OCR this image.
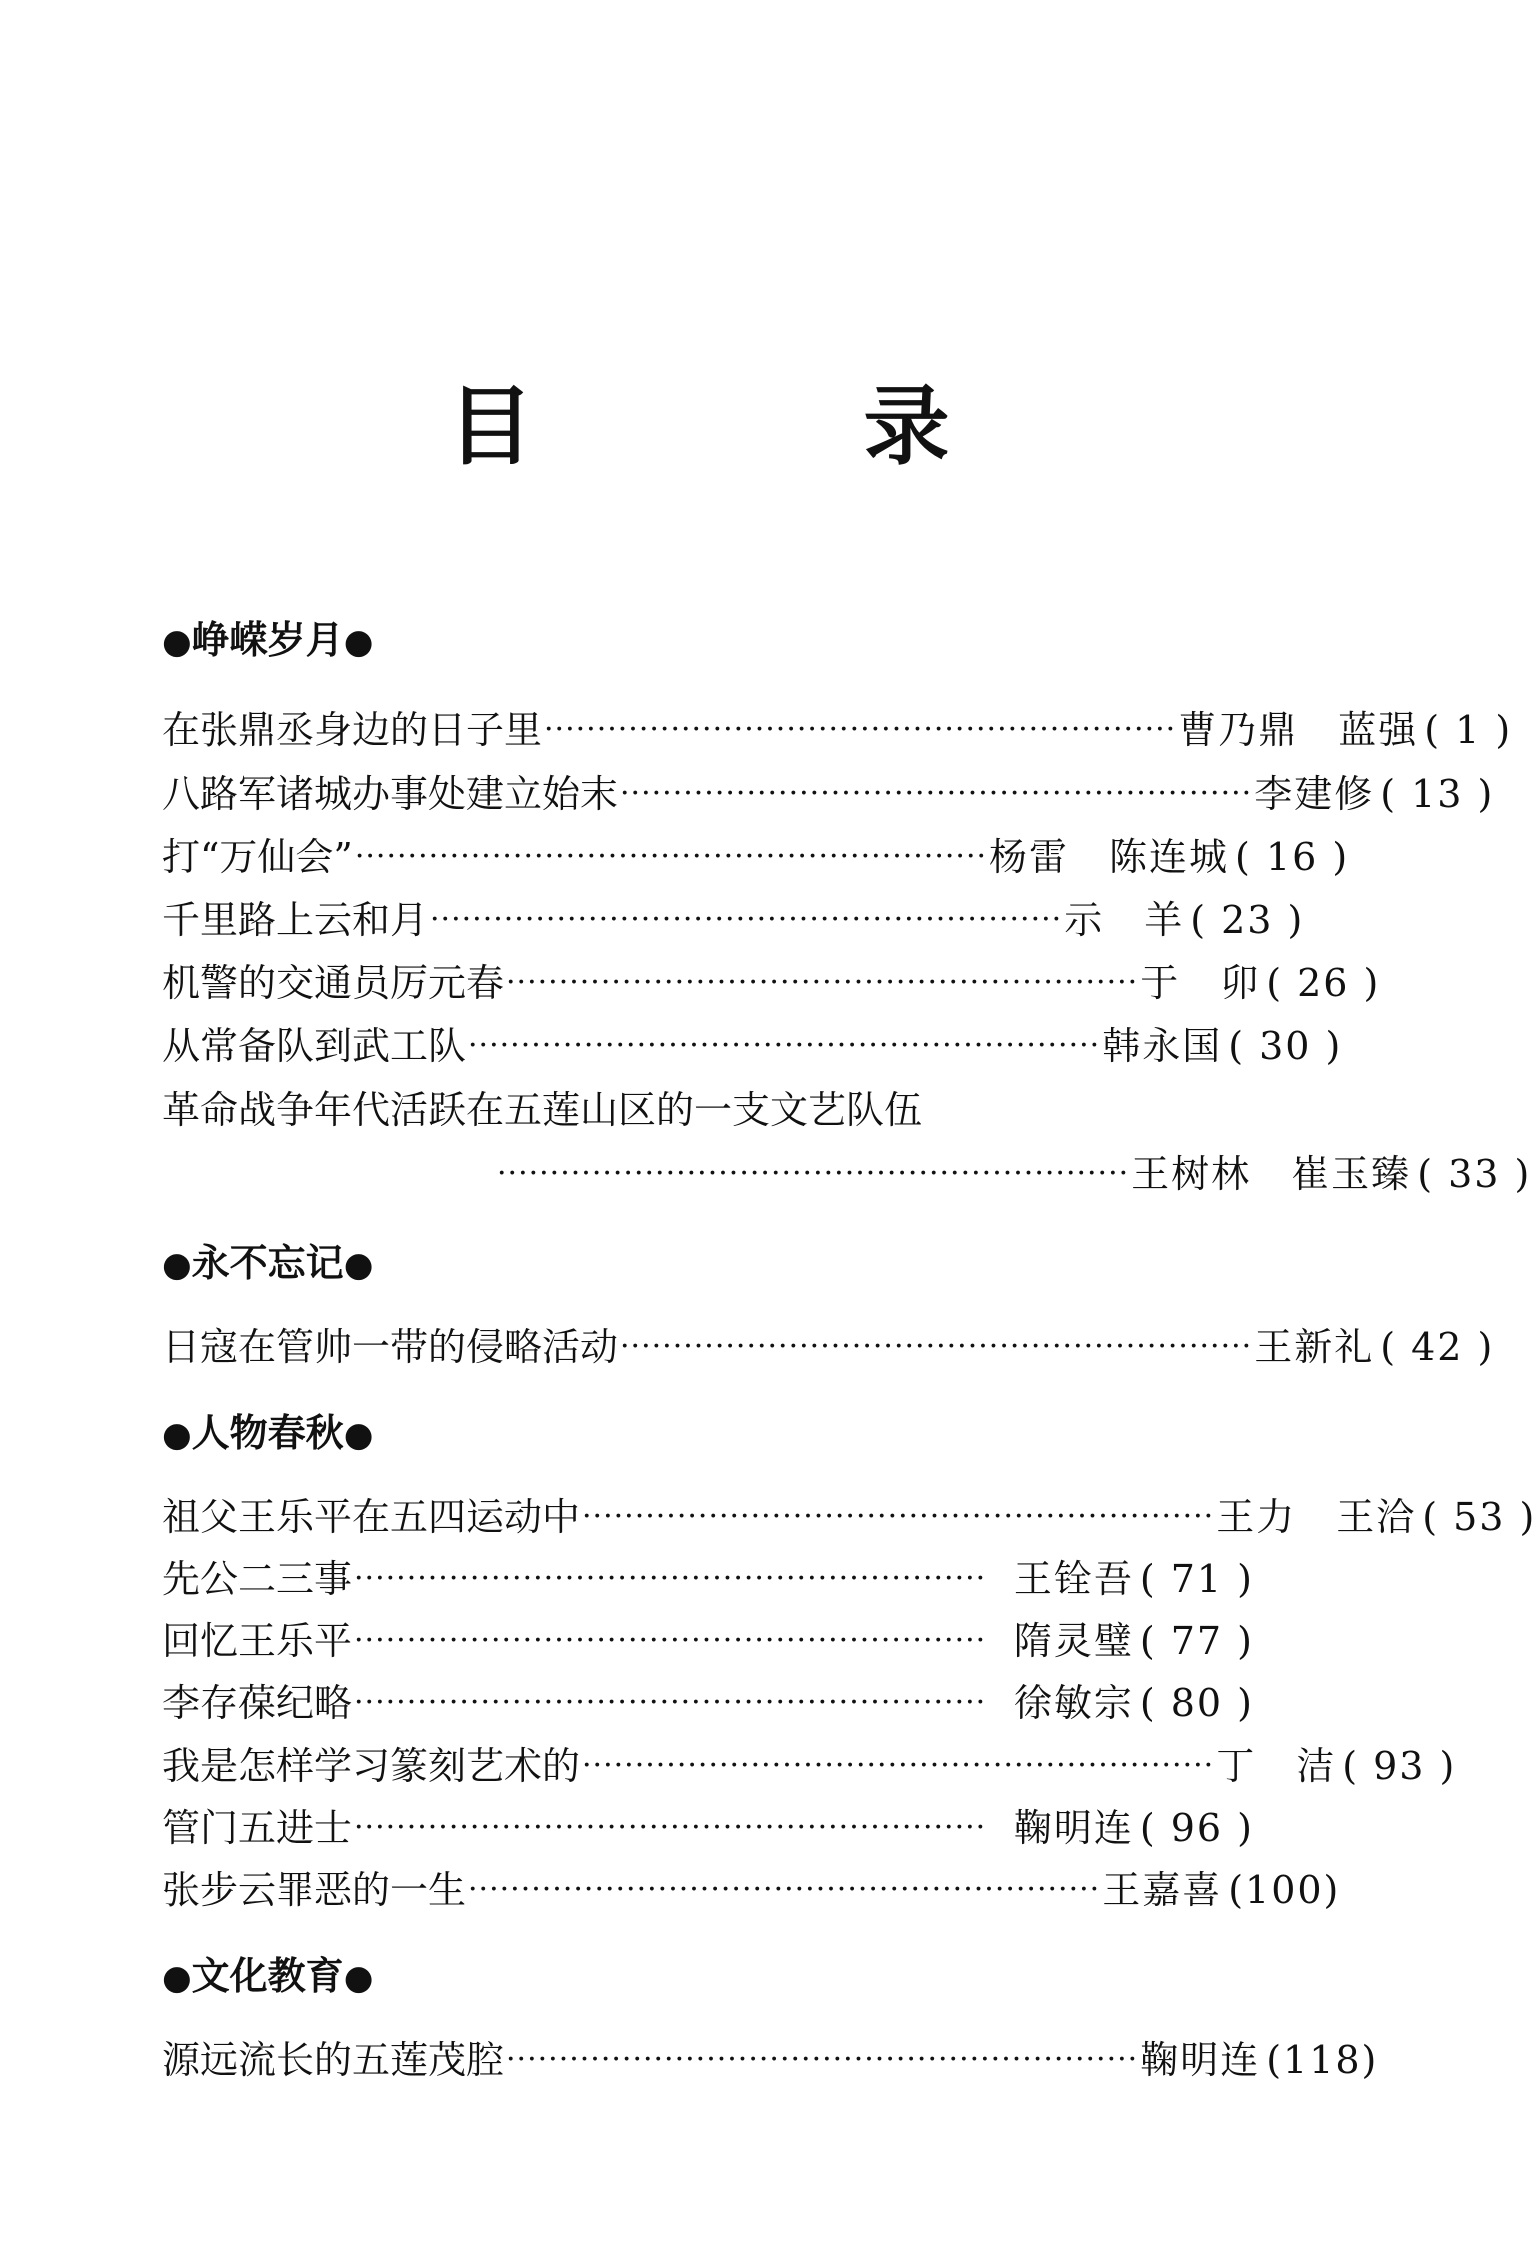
目 录
●峥嵘岁月●
在张鼎丞身边的日子里 ···························································· 曹乃鼎　蓝强 ( 1 )
八路军诸城办事处建立始末 ···························································· 李建修 ( 13 )
打“万仙会” ···························································· 杨雷　陈连城 ( 16 )
千里路上云和月 ···························································· 示　羊 ( 23 )
机警的交通员厉元春 ···························································· 于　卯 ( 26 )
从常备队到武工队 ···························································· 韩永国 ( 30 )
革命战争年代活跃在五莲山区的一支文艺队伍
···························································· 王树林　崔玉臻 ( 33 )
●永不忘记●
日寇在管帅一带的侵略活动 ···························································· 王新礼 ( 42 )
●人物春秋●
祖父王乐平在五四运动中 ···························································· 王力　王洽 ( 53 )
先公二三事 ···························································· 王铨吾 ( 71 )
回忆王乐平 ···························································· 隋灵璧 ( 77 )
李存葆纪略 ···························································· 徐敏宗 ( 80 )
我是怎样学习篆刻艺术的 ···························································· 丁　洁 ( 93 )
管门五进士 ···························································· 鞠明连 ( 96 )
张步云罪恶的一生 ···························································· 王嘉喜 (100)
●文化教育●
源远流长的五莲茂腔 ···························································· 鞠明连 (118)
